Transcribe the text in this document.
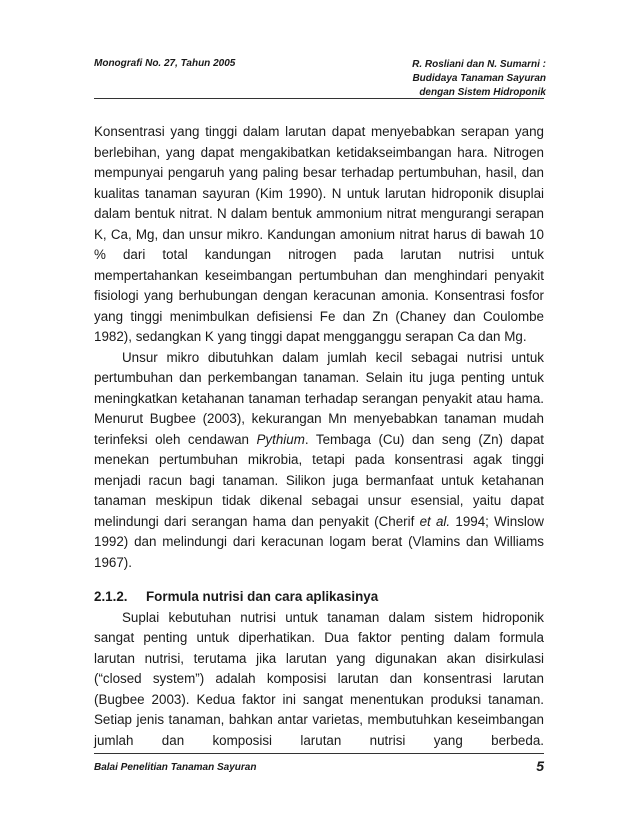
Monografi No. 27, Tahun 2005	R. Rosliani dan N. Sumarni :
Budidaya Tanaman Sayuran
dengan Sistem Hidroponik

Konsentrasi yang tinggi dalam larutan dapat menyebabkan serapan yang berlebihan, yang dapat mengakibatkan ketidakseimbangan hara. Nitrogen mempunyai pengaruh yang paling besar terhadap pertumbuhan, hasil, dan kualitas tanaman sayuran (Kim 1990). N untuk larutan hidroponik disuplai dalam bentuk nitrat. N dalam bentuk ammonium nitrat mengurangi serapan K, Ca, Mg, dan unsur mikro. Kandungan amonium nitrat harus di bawah 10 % dari total kandungan nitrogen pada larutan nutrisi untuk mempertahankan keseimbangan pertumbuhan dan menghindari penyakit fisiologi yang berhubungan dengan keracunan amonia. Konsentrasi fosfor yang tinggi menimbulkan defisiensi Fe dan Zn (Chaney dan Coulombe 1982), sedangkan K yang tinggi dapat mengganggu serapan Ca dan Mg.

Unsur mikro dibutuhkan dalam jumlah kecil sebagai nutrisi untuk pertumbuhan dan perkembangan tanaman. Selain itu juga penting untuk meningkatkan ketahanan tanaman terhadap serangan penyakit atau hama. Menurut Bugbee (2003), kekurangan Mn menyebabkan tanaman mudah terinfeksi oleh cendawan Pythium. Tembaga (Cu) dan seng (Zn) dapat menekan pertumbuhan mikrobia, tetapi pada konsentrasi agak tinggi menjadi racun bagi tanaman. Silikon juga bermanfaat untuk ketahanan tanaman meskipun tidak dikenal sebagai unsur esensial, yaitu dapat melindungi dari serangan hama dan penyakit (Cherif et al. 1994; Winslow 1992) dan melindungi dari keracunan logam berat (Vlamins dan Williams 1967).

2.1.2. Formula nutrisi dan cara aplikasinya

Suplai kebutuhan nutrisi untuk tanaman dalam sistem hidroponik sangat penting untuk diperhatikan. Dua faktor penting dalam formula larutan nutrisi, terutama jika larutan yang digunakan akan disirkulasi (“closed system”) adalah komposisi larutan dan konsentrasi larutan (Bugbee 2003). Kedua faktor ini sangat menentukan produksi tanaman. Setiap jenis tanaman, bahkan antar varietas, membutuhkan keseimbangan jumlah dan komposisi larutan nutrisi yang berbeda.

Balai Penelitian Tanaman Sayuran	5
